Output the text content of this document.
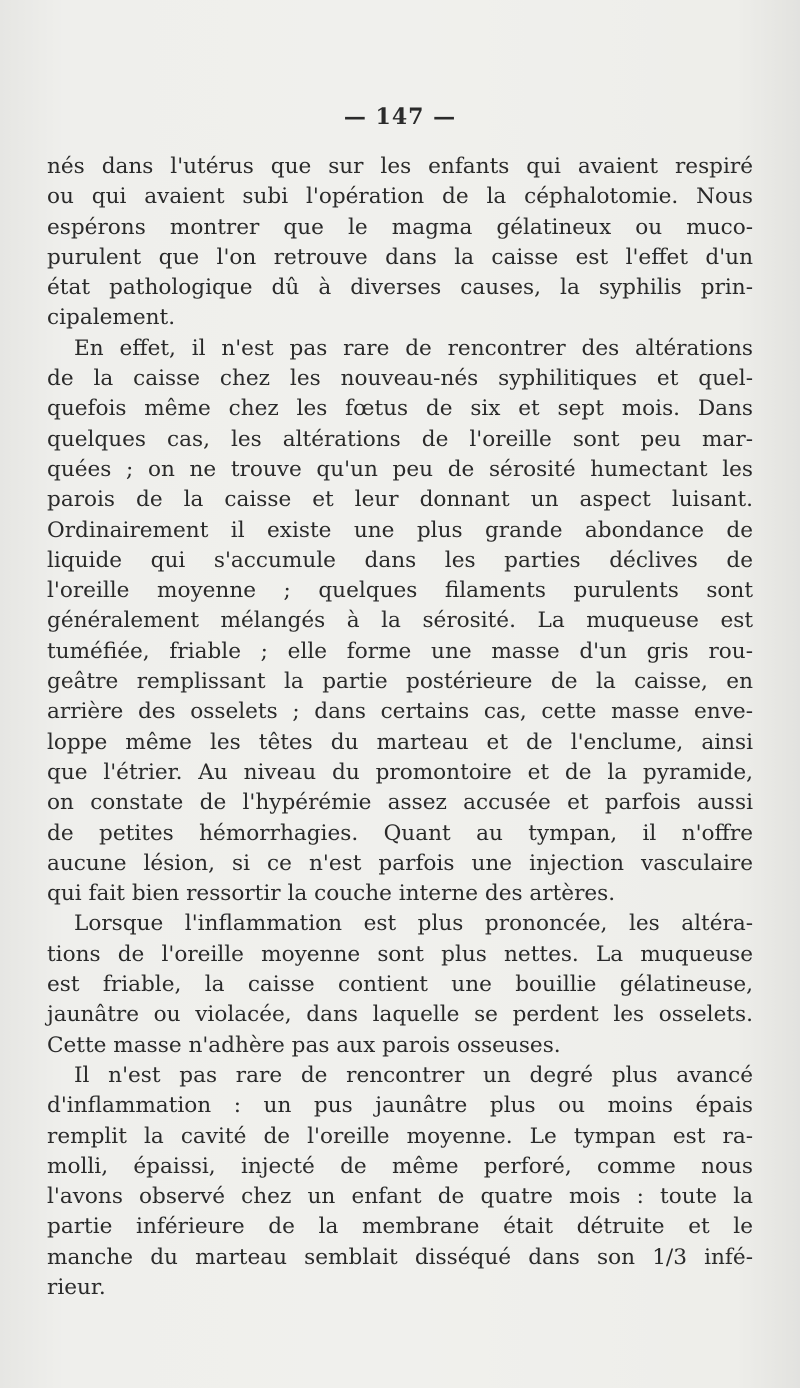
— 147 —
nés dans l'utérus que sur les enfants qui avaient respiré
ou qui avaient subi l'opération de la céphalotomie. Nous
espérons montrer que le magma gélatineux ou muco-
purulent que l'on retrouve dans la caisse est l'effet d'un
état pathologique dû à diverses causes, la syphilis prin-
cipalement.
En effet, il n'est pas rare de rencontrer des altérations
de la caisse chez les nouveau-nés syphilitiques et quel-
quefois même chez les fœtus de six et sept mois. Dans
quelques cas, les altérations de l'oreille sont peu mar-
quées ; on ne trouve qu'un peu de sérosité humectant les
parois de la caisse et leur donnant un aspect luisant.
Ordinairement il existe une plus grande abondance de
liquide qui s'accumule dans les parties déclives de
l'oreille moyenne ; quelques filaments purulents sont
généralement mélangés à la sérosité. La muqueuse est
tuméfiée, friable ; elle forme une masse d'un gris rou-
geâtre remplissant la partie postérieure de la caisse, en
arrière des osselets ; dans certains cas, cette masse enve-
loppe même les têtes du marteau et de l'enclume, ainsi
que l'étrier. Au niveau du promontoire et de la pyramide,
on constate de l'hypérémie assez accusée et parfois aussi
de petites hémorrhagies. Quant au tympan, il n'offre
aucune lésion, si ce n'est parfois une injection vasculaire
qui fait bien ressortir la couche interne des artères.
Lorsque l'inflammation est plus prononcée, les altéra-
tions de l'oreille moyenne sont plus nettes. La muqueuse
est friable, la caisse contient une bouillie gélatineuse,
jaunâtre ou violacée, dans laquelle se perdent les osselets.
Cette masse n'adhère pas aux parois osseuses.
Il n'est pas rare de rencontrer un degré plus avancé
d'inflammation : un pus jaunâtre plus ou moins épais
remplit la cavité de l'oreille moyenne. Le tympan est ra-
molli, épaissi, injecté de même perforé, comme nous
l'avons observé chez un enfant de quatre mois : toute la
partie inférieure de la membrane était détruite et le
manche du marteau semblait disséqué dans son 1/3 infé-
rieur.
